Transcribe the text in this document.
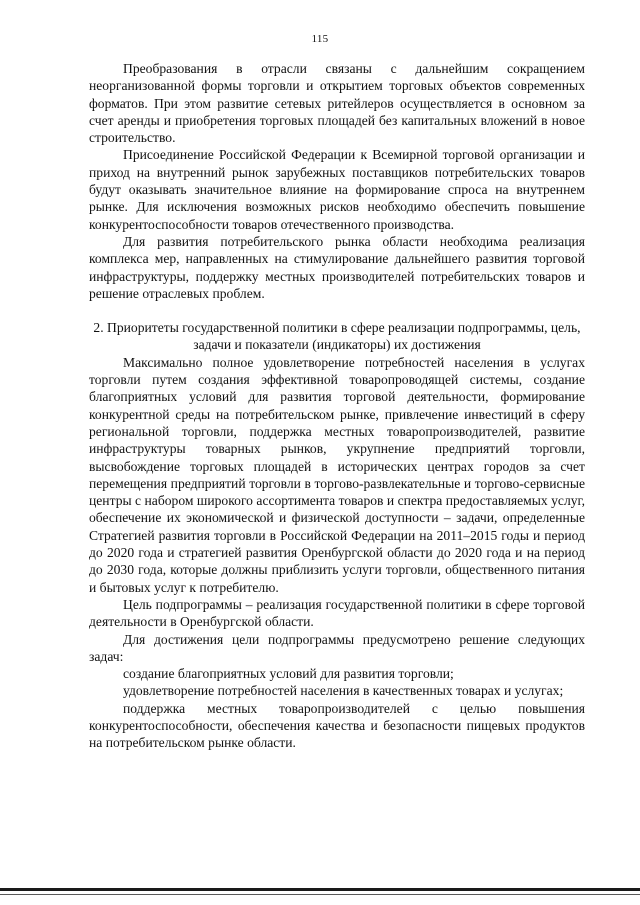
115

Преобразования в отрасли связаны с дальнейшим сокращением неорганизованной формы торговли и открытием торговых объектов современных форматов. При этом развитие сетевых ритейлеров осуществляется в основном за счет аренды и приобретения торговых площадей без капитальных вложений в новое строительство.

Присоединение Российской Федерации к Всемирной торговой организации и приход на внутренний рынок зарубежных поставщиков потребительских товаров будут оказывать значительное влияние на формирование спроса на внутреннем рынке. Для исключения возможных рисков необходимо обеспечить повышение конкурентоспособности товаров отечественного производства.

Для развития потребительского рынка области необходима реализация комплекса мер, направленных на стимулирование дальнейшего развития торговой инфраструктуры, поддержку местных производителей потребительских товаров и решение отраслевых проблем.

2. Приоритеты государственной политики в сфере реализации подпрограммы, цель, задачи и показатели (индикаторы) их достижения

Максимально полное удовлетворение потребностей населения в услугах торговли путем создания эффективной товаропроводящей системы, создание благоприятных условий для развития торговой деятельности, формирование конкурентной среды на потребительском рынке, привлечение инвестиций в сферу региональной торговли, поддержка местных товаропроизводителей, развитие инфраструктуры товарных рынков, укрупнение предприятий торговли, высвобождение торговых площадей в исторических центрах городов за счет перемещения предприятий торговли в торгово-развлекательные и торгово-сервисные центры с набором широкого ассортимента товаров и спектра предоставляемых услуг, обеспечение их экономической и физической доступности – задачи, определенные Стратегией развития торговли в Российской Федерации на 2011–2015 годы и период до 2020 года и стратегией развития Оренбургской области до 2020 года и на период до 2030 года, которые должны приблизить услуги торговли, общественного питания и бытовых услуг к потребителю.

Цель подпрограммы – реализация государственной политики в сфере торговой деятельности в Оренбургской области.

Для достижения цели подпрограммы предусмотрено решение следующих задач:

создание благоприятных условий для развития торговли;

удовлетворение потребностей населения в качественных товарах и услугах;

поддержка местных товаропроизводителей с целью повышения конкурентоспособности, обеспечения качества и безопасности пищевых продуктов на потребительском рынке области.
